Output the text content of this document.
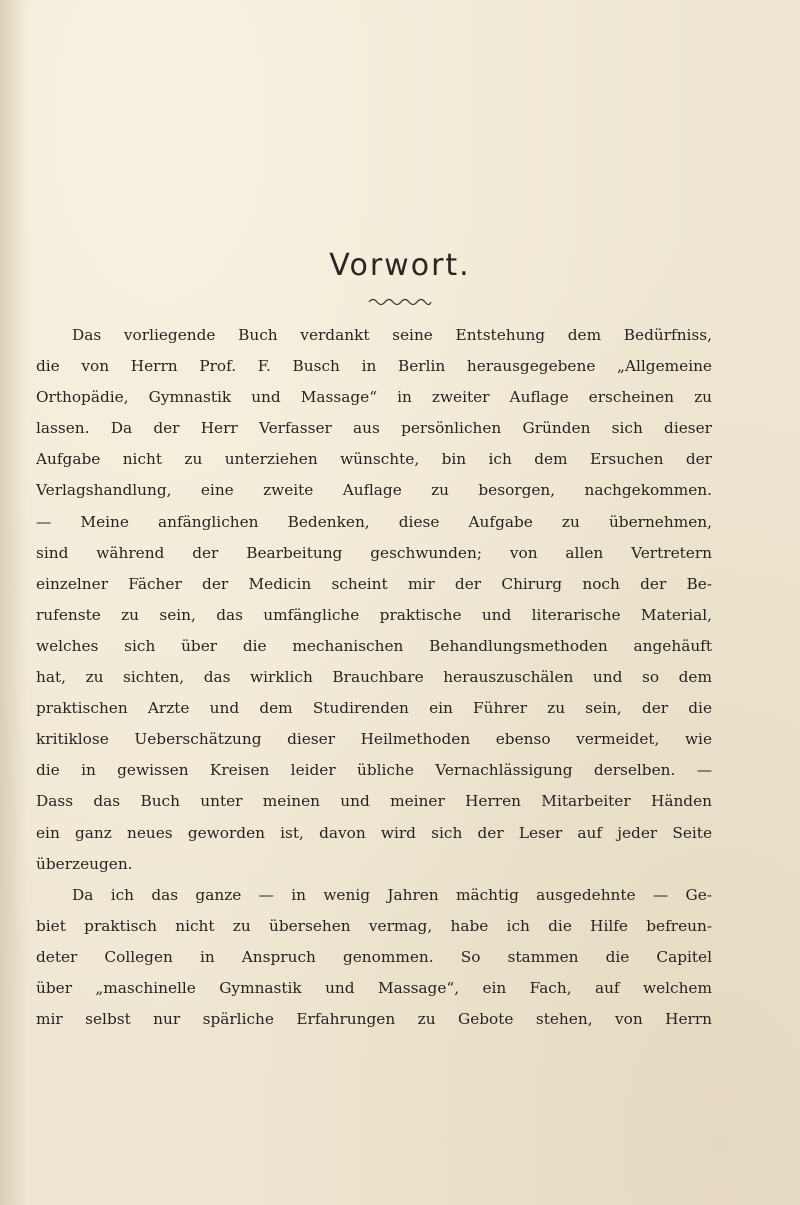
Vorwort.
Das vorliegende Buch verdankt seine Entstehung dem Bedürfniss,
die von Herrn Prof. F. Busch in Berlin herausgegebene „Allgemeine
Orthopädie, Gymnastik und Massage“ in zweiter Auflage erscheinen zu
lassen. Da der Herr Verfasser aus persönlichen Gründen sich dieser
Aufgabe nicht zu unterziehen wünschte, bin ich dem Ersuchen der
Verlagshandlung, eine zweite Auflage zu besorgen, nachgekommen.
— Meine anfänglichen Bedenken, diese Aufgabe zu übernehmen,
sind während der Bearbeitung geschwunden; von allen Vertretern
einzelner Fächer der Medicin scheint mir der Chirurg noch der Be-
rufenste zu sein, das umfängliche praktische und literarische Material,
welches sich über die mechanischen Behandlungsmethoden angehäuft
hat, zu sichten, das wirklich Brauchbare herauszuschälen und so dem
praktischen Arzte und dem Studirenden ein Führer zu sein, der die
kritiklose Ueberschätzung dieser Heilmethoden ebenso vermeidet, wie
die in gewissen Kreisen leider übliche Vernachlässigung derselben. —
Dass das Buch unter meinen und meiner Herren Mitarbeiter Händen
ein ganz neues geworden ist, davon wird sich der Leser auf jeder Seite
überzeugen.
Da ich das ganze — in wenig Jahren mächtig ausgedehnte — Ge-
biet praktisch nicht zu übersehen vermag, habe ich die Hilfe befreun-
deter Collegen in Anspruch genommen. So stammen die Capitel
über „maschinelle Gymnastik und Massage“, ein Fach, auf welchem
mir selbst nur spärliche Erfahrungen zu Gebote stehen, von Herrn
